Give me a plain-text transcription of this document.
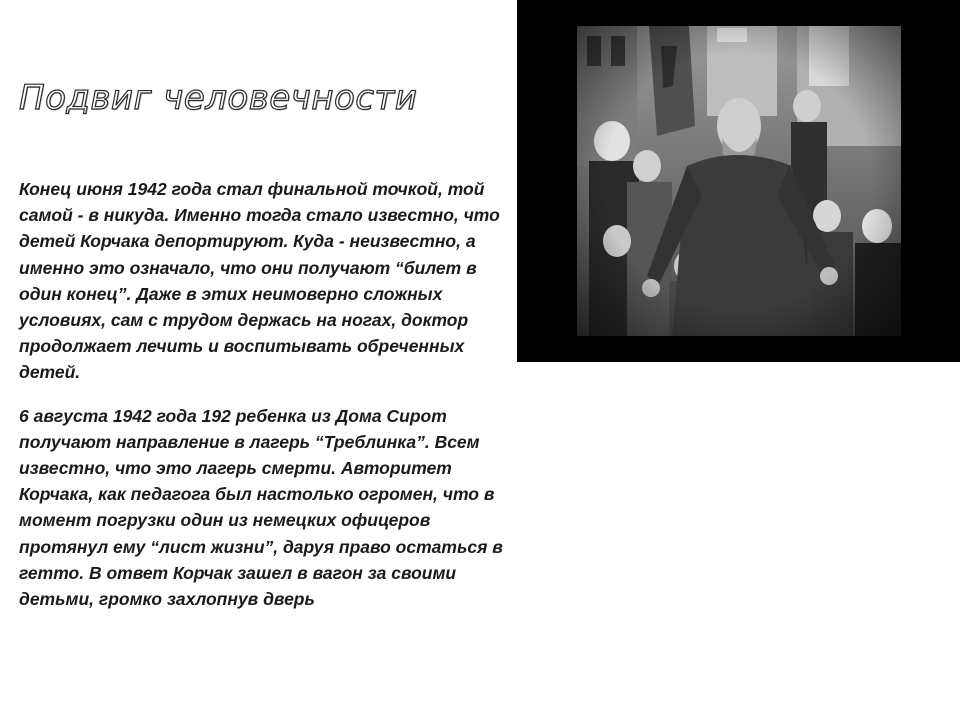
Подвиг человечности

Конец июня 1942 года стал финальной точкой, той самой - в никуда. Именно тогда стало известно, что детей Корчака депортируют. Куда - неизвестно, а именно это означало, что они получают “билет в один конец”. Даже в этих неимоверно сложных условиях, сам с трудом держась на ногах, доктор продолжает лечить и воспитывать обреченных детей.

6 августа 1942 года 192 ребенка из Дома Сирот получают направление в лагерь “Треблинка”. Всем известно, что это лагерь смерти. Авторитет Корчака, как педагога был настолько огромен, что в момент погрузки один из немецких офицеров протянул ему “лист жизни”, даруя право остаться в гетто. В ответ Корчак зашел в вагон за своими детьми, громко захлопнув дверь
